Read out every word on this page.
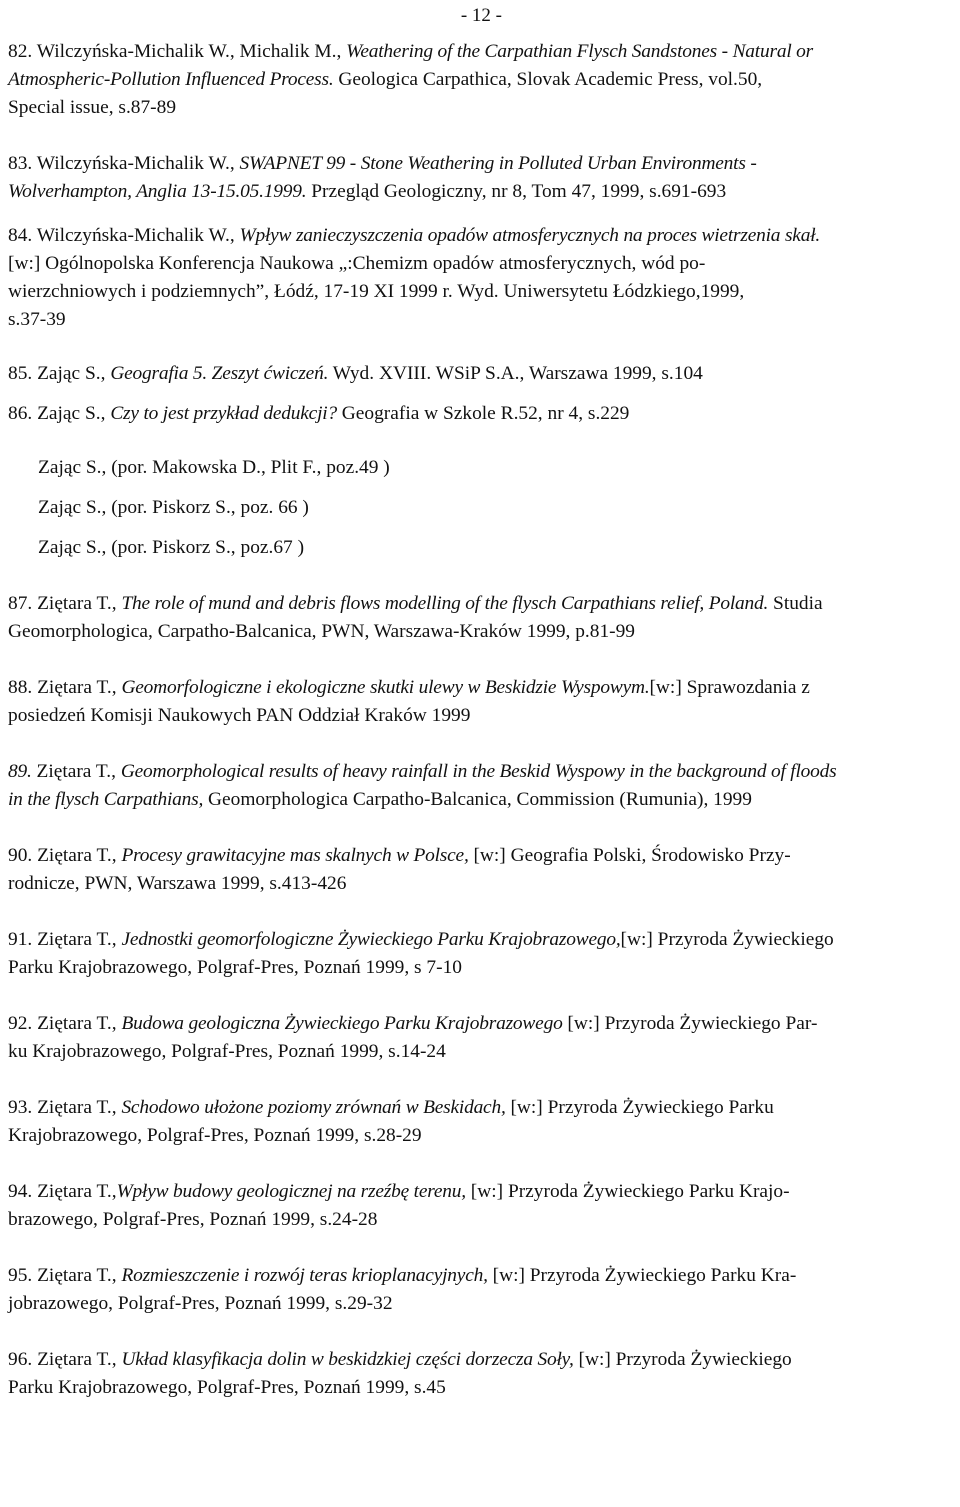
- 12 -
82. Wilczyńska-Michalik W., Michalik M., Weathering of the Carpathian Flysch Sandstones - Natural or
Atmospheric-Pollution Influenced Process. Geologica Carpathica, Slovak Academic Press, vol.50,
Special issue, s.87-89
83. Wilczyńska-Michalik W., SWAPNET 99 - Stone Weathering in Polluted Urban Environments -
Wolverhampton, Anglia 13-15.05.1999. Przegląd Geologiczny, nr 8, Tom 47, 1999, s.691-693
84. Wilczyńska-Michalik W., Wpływ zanieczyszczenia opadów atmosferycznych na proces wietrzenia skał.
[w:] Ogólnopolska Konferencja Naukowa „:Chemizm opadów atmosferycznych, wód po-
wierzchniowych i podziemnych”, Łódź, 17-19 XI 1999 r. Wyd. Uniwersytetu Łódzkiego,1999,
s.37-39
85. Zając S., Geografia 5. Zeszyt ćwiczeń. Wyd. XVIII. WSiP S.A., Warszawa 1999, s.104
86. Zając S., Czy to jest przykład dedukcji? Geografia w Szkole R.52, nr 4, s.229
Zając S., (por. Makowska D., Plit F., poz.49 )
Zając S., (por. Piskorz S., poz. 66 )
Zając S., (por. Piskorz S., poz.67 )
87. Ziętara T., The role of mund and debris flows modelling of the flysch Carpathians relief, Poland. Studia
Geomorphologica, Carpatho-Balcanica, PWN, Warszawa-Kraków 1999, p.81-99
88. Ziętara T., Geomorfologiczne i ekologiczne skutki ulewy w Beskidzie Wyspowym.[w:] Sprawozdania z
posiedzeń Komisji Naukowych PAN Oddział Kraków 1999
89. Ziętara T., Geomorphological results of heavy rainfall in the Beskid Wyspowy in the background of floods
in the flysch Carpathians, Geomorphologica Carpatho-Balcanica, Commission (Rumunia), 1999
90. Ziętara T., Procesy grawitacyjne mas skalnych w Polsce, [w:] Geografia Polski, Środowisko Przy-
rodnicze, PWN, Warszawa 1999, s.413-426
91. Ziętara T., Jednostki geomorfologiczne Żywieckiego Parku Krajobrazowego,[w:] Przyroda Żywieckiego
Parku Krajobrazowego, Polgraf-Pres, Poznań 1999, s 7-10
92. Ziętara T., Budowa geologiczna Żywieckiego Parku Krajobrazowego [w:] Przyroda Żywieckiego Par-
ku Krajobrazowego, Polgraf-Pres, Poznań 1999, s.14-24
93. Ziętara T., Schodowo ułożone poziomy zrównań w Beskidach, [w:] Przyroda Żywieckiego Parku
Krajobrazowego, Polgraf-Pres, Poznań 1999, s.28-29
94. Ziętara T.,Wpływ budowy geologicznej na rzeźbę terenu, [w:] Przyroda Żywieckiego Parku Krajo-
brazowego, Polgraf-Pres, Poznań 1999, s.24-28
95. Ziętara T., Rozmieszczenie i rozwój teras krioplanacyjnych, [w:] Przyroda Żywieckiego Parku Kra-
jobrazowego, Polgraf-Pres, Poznań 1999, s.29-32
96. Ziętara T., Układ klasyfikacja dolin w beskidzkiej części dorzecza Soły, [w:] Przyroda Żywieckiego
Parku Krajobrazowego, Polgraf-Pres, Poznań 1999, s.45
